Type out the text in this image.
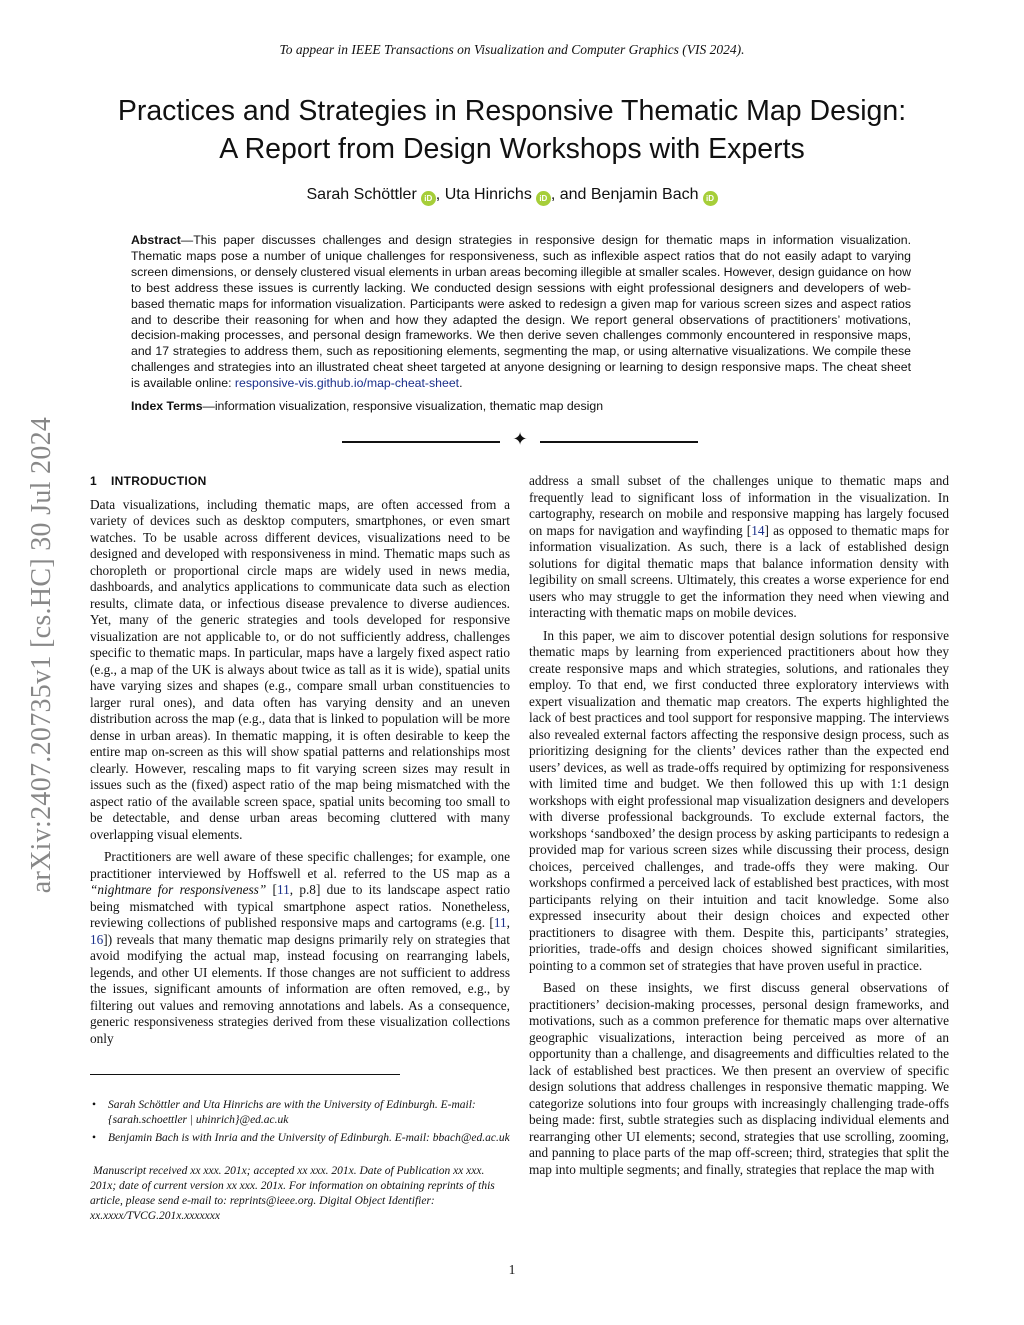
To appear in IEEE Transactions on Visualization and Computer Graphics (VIS 2024).
Practices and Strategies in Responsive Thematic Map Design:
A Report from Design Workshops with Experts
Sarah Schöttler iD , Uta Hinrichs iD , and Benjamin Bach iD
Abstract—This paper discusses challenges and design strategies in responsive design for thematic maps in information visualization. Thematic maps pose a number of unique challenges for responsiveness, such as inflexible aspect ratios that do not easily adapt to varying screen dimensions, or densely clustered visual elements in urban areas becoming illegible at smaller scales. However, design guidance on how to best address these issues is currently lacking. We conducted design sessions with eight professional designers and developers of web-based thematic maps for information visualization. Participants were asked to redesign a given map for various screen sizes and aspect ratios and to describe their reasoning for when and how they adapted the design. We report general observations of practitioners’ motivations, decision-making processes, and personal design frameworks. We then derive seven challenges commonly encountered in responsive maps, and 17 strategies to address them, such as repositioning elements, segmenting the map, or using alternative visualizations. We compile these challenges and strategies into an illustrated cheat sheet targeted at anyone designing or learning to design responsive maps. The cheat sheet is available online: responsive-vis.github.io/map-cheat-sheet.
Index Terms—information visualization, responsive visualization, thematic map design
✦
arXiv:2407.20735v1 [cs.HC] 30 Jul 2024	1 INTRODUCTION

Data visualizations, including thematic maps, are often accessed from a variety of devices such as desktop computers, smartphones, or even smart watches. To be usable across different devices, visualizations need to be designed and developed with responsiveness in mind. Thematic maps such as choropleth or proportional circle maps are widely used in news media, dashboards, and analytics applications to communicate data such as election results, climate data, or infectious disease prevalence to diverse audiences. Yet, many of the generic strategies and tools developed for responsive visualization are not applicable to, or do not sufficiently address, challenges specific to thematic maps. In particular, maps have a largely fixed aspect ratio (e.g., a map of the UK is always about twice as tall as it is wide), spatial units have varying sizes and shapes (e.g., compare small urban constituencies to larger rural ones), and data often has varying density and an uneven distribution across the map (e.g., data that is linked to population will be more dense in urban areas). In thematic mapping, it is often desirable to keep the entire map on-screen as this will show spatial patterns and relationships most clearly. However, rescaling maps to fit varying screen sizes may result in issues such as the (fixed) aspect ratio of the map being mismatched with the aspect ratio of the available screen space, spatial units becoming too small to be detectable, and dense urban areas becoming cluttered with many overlapping visual elements.

Practitioners are well aware of these specific challenges; for example, one practitioner interviewed by Hoffswell et al. referred to the US map as a “nightmare for responsiveness” [11, p.8] due to its landscape aspect ratio being mismatched with typical smartphone aspect ratios. Nonetheless, reviewing collections of published responsive maps and cartograms (e.g. [11, 16]) reveals that many thematic map designs primarily rely on strategies that avoid modifying the actual map, instead focusing on rearranging labels, legends, and other UI elements. If those changes are not sufficient to address the issues, significant amounts of information are often removed, e.g., by filtering out values and removing annotations and labels. As a consequence, generic responsiveness strategies derived from these visualization collections only

• Sarah Schöttler and Uta Hinrichs are with the University of Edinburgh. E-mail: {sarah.schoettler | uhinrich}@ed.ac.uk
• Benjamin Bach is with Inria and the University of Edinburgh. E-mail: bbach@ed.ac.uk
Manuscript received xx xxx. 201x; accepted xx xxx. 201x. Date of Publication xx xxx. 201x; date of current version xx xxx. 201x. For information on obtaining reprints of this article, please send e-mail to: reprints@ieee.org. Digital Object Identifier: xx.xxxx/TVCG.201x.xxxxxxx

address a small subset of the challenges unique to thematic maps and frequently lead to significant loss of information in the visualization. In cartography, research on mobile and responsive mapping has largely focused on maps for navigation and wayfinding [14] as opposed to thematic maps for information visualization. As such, there is a lack of established design solutions for digital thematic maps that balance information density with legibility on small screens. Ultimately, this creates a worse experience for end users who may struggle to get the information they need when viewing and interacting with thematic maps on mobile devices.

In this paper, we aim to discover potential design solutions for responsive thematic maps by learning from experienced practitioners about how they create responsive maps and which strategies, solutions, and rationales they employ. To that end, we first conducted three exploratory interviews with expert visualization and thematic map creators. The experts highlighted the lack of best practices and tool support for responsive mapping. The interviews also revealed external factors affecting the responsive design process, such as prioritizing designing for the clients’ devices rather than the expected end users’ devices, as well as trade-offs required by optimizing for responsiveness with limited time and budget. We then followed this up with 1:1 design workshops with eight professional map visualization designers and developers with diverse professional backgrounds. To exclude external factors, the workshops ‘sandboxed’ the design process by asking participants to redesign a provided map for various screen sizes while discussing their process, design choices, perceived challenges, and trade-offs they were making. Our workshops confirmed a perceived lack of established best practices, with most participants relying on their intuition and tacit knowledge. Some also expressed insecurity about their design choices and expected other practitioners to disagree with them. Despite this, participants’ strategies, priorities, trade-offs and design choices showed significant similarities, pointing to a common set of strategies that have proven useful in practice.

Based on these insights, we first discuss general observations of practitioners’ decision-making processes, personal design frameworks, and motivations, such as a common preference for thematic maps over alternative geographic visualizations, interaction being perceived as more of an opportunity than a challenge, and disagreements and difficulties related to the lack of established best practices. We then present an overview of specific design solutions that address challenges in responsive thematic mapping. We categorize solutions into four groups with increasingly challenging trade-offs being made: first, subtle strategies such as displacing individual elements and rearranging other UI elements; second, strategies that use scrolling, zooming, and panning to place parts of the map off-screen; third, strategies that split the map into multiple segments; and finally, strategies that replace the map with

1
